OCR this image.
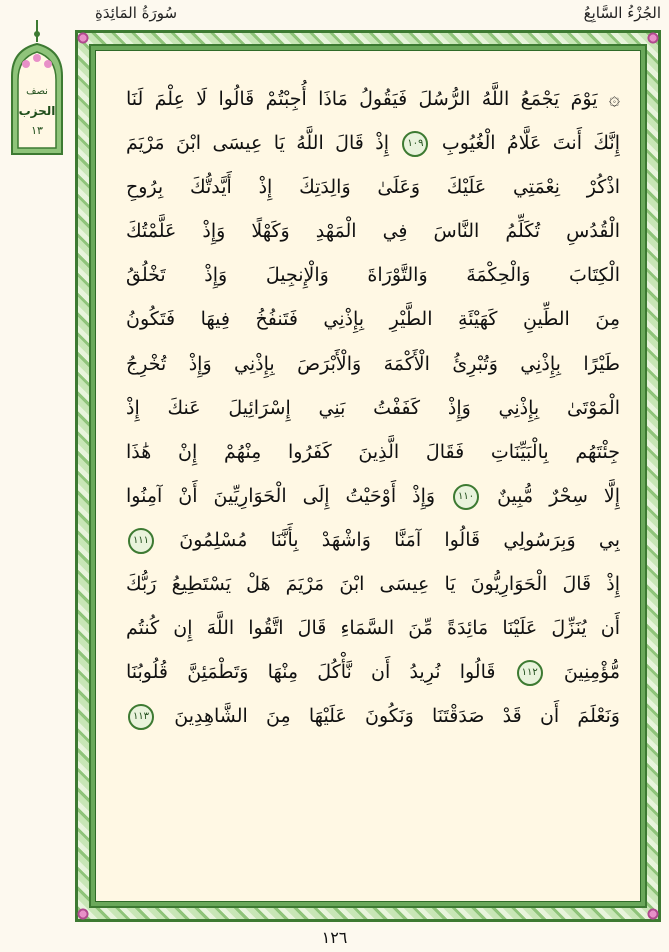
الجُزْءُ السَّابِعُ
سُورَةُ المَائِدَةِ
نصف
الحزب
١٣
۞ يَوْمَ يَجْمَعُ اللَّهُ الرُّسُلَ فَيَقُولُ مَاذَا أُجِبْتُمْ قَالُوا لَا عِلْمَ لَنَا
إِنَّكَ أَنتَ عَلَّامُ الْغُيُوبِ ١٠٩ إِذْ قَالَ اللَّهُ يَا عِيسَى ابْنَ مَرْيَمَ
اذْكُرْ نِعْمَتِي عَلَيْكَ وَعَلَىٰ وَالِدَتِكَ إِذْ أَيَّدتُّكَ بِرُوحِ
الْقُدُسِ تُكَلِّمُ النَّاسَ فِي الْمَهْدِ وَكَهْلًا وَإِذْ عَلَّمْتُكَ
الْكِتَابَ وَالْحِكْمَةَ وَالتَّوْرَاةَ وَالْإِنجِيلَ وَإِذْ تَخْلُقُ
مِنَ الطِّينِ كَهَيْئَةِ الطَّيْرِ بِإِذْنِي فَتَنفُخُ فِيهَا فَتَكُونُ
طَيْرًا بِإِذْنِي وَتُبْرِئُ الْأَكْمَهَ وَالْأَبْرَصَ بِإِذْنِي وَإِذْ تُخْرِجُ
الْمَوْتَىٰ بِإِذْنِي وَإِذْ كَفَفْتُ بَنِي إِسْرَائِيلَ عَنكَ إِذْ
جِئْتَهُم بِالْبَيِّنَاتِ فَقَالَ الَّذِينَ كَفَرُوا مِنْهُمْ إِنْ هَٰذَا
إِلَّا سِحْرٌ مُّبِينٌ ١١٠ وَإِذْ أَوْحَيْتُ إِلَى الْحَوَارِيِّينَ أَنْ آمِنُوا
بِي وَبِرَسُولِي قَالُوا آمَنَّا وَاشْهَدْ بِأَنَّنَا مُسْلِمُونَ ١١١
إِذْ قَالَ الْحَوَارِيُّونَ يَا عِيسَى ابْنَ مَرْيَمَ هَلْ يَسْتَطِيعُ رَبُّكَ
أَن يُنَزِّلَ عَلَيْنَا مَائِدَةً مِّنَ السَّمَاءِ قَالَ اتَّقُوا اللَّهَ إِن كُنتُم
مُّؤْمِنِينَ ١١٢ قَالُوا نُرِيدُ أَن نَّأْكُلَ مِنْهَا وَتَطْمَئِنَّ قُلُوبُنَا
وَنَعْلَمَ أَن قَدْ صَدَقْتَنَا وَنَكُونَ عَلَيْهَا مِنَ الشَّاهِدِينَ ١١٣
١٢٦
